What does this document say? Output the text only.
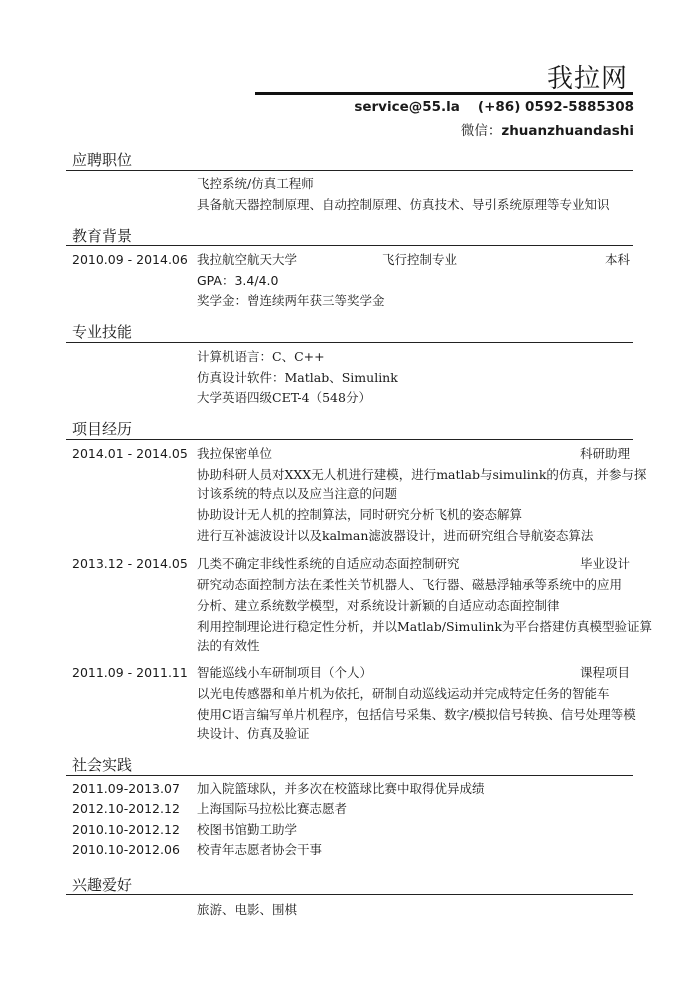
我拉网
service@55.la (+86) 0592-5885308
微信：zhuanzhuandashi
应聘职位
飞控系统/仿真工程师
具备航天器控制原理、自动控制原理、仿真技术、导引系统原理等专业知识
教育背景
2010.09 - 2014.06 我拉航空航天大学	飞行控制专业	本科
GPA：3.4/4.0
奖学金：曾连续两年获三等奖学金
专业技能
计算机语言：C、C++
仿真设计软件：Matlab、Simulink
大学英语四级CET-4（548分）
项目经历
2014.01 - 2014.05 我拉保密单位	科研助理
协助科研人员对XXX无人机进行建模，进行matlab与simulink的仿真，并参与探
讨该系统的特点以及应当注意的问题
协助设计无人机的控制算法，同时研究分析飞机的姿态解算
进行互补滤波设计以及kalman滤波器设计，进而研究组合导航姿态算法
2013.12 - 2014.05 几类不确定非线性系统的自适应动态面控制研究	毕业设计
研究动态面控制方法在柔性关节机器人、飞行器、磁悬浮轴承等系统中的应用
分析、建立系统数学模型，对系统设计新颖的自适应动态面控制律
利用控制理论进行稳定性分析，并以Matlab/Simulink为平台搭建仿真模型验证算
法的有效性
2011.09 - 2011.11 智能巡线小车研制项目（个人）	课程项目
以光电传感器和单片机为依托，研制自动巡线运动并完成特定任务的智能车
使用C语言编写单片机程序，包括信号采集、数字/模拟信号转换、信号处理等模
块设计、仿真及验证
社会实践
2011.09-2013.07 加入院篮球队，并多次在校篮球比赛中取得优异成绩
2012.10-2012.12 上海国际马拉松比赛志愿者
2010.10-2012.12 校图书馆勤工助学
2010.10-2012.06 校青年志愿者协会干事
兴趣爱好
旅游、电影、围棋
